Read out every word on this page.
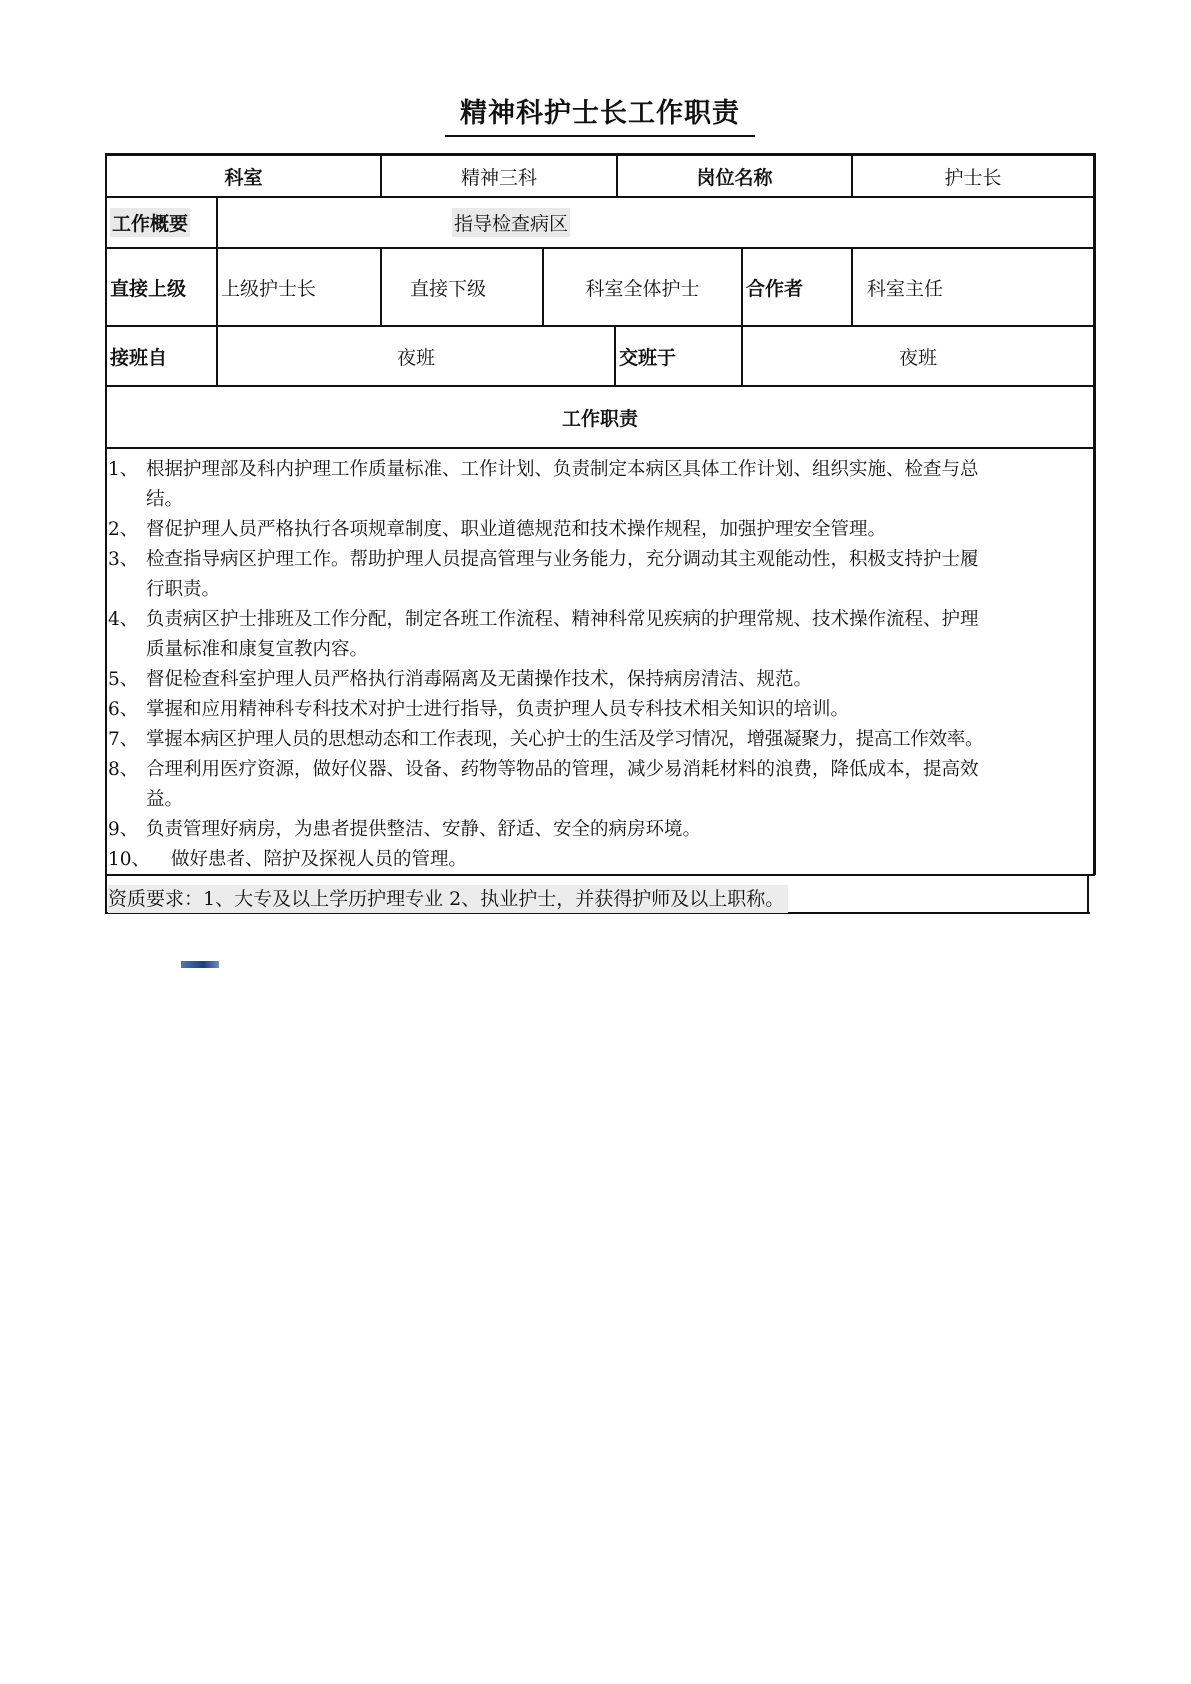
精神科护士长工作职责
科室	精神三科	岗位名称	护士长
工作概要	指导检查病区
直接上级	上级护士长	直接下级	科室全体护士	合作者	科室主任
接班自	夜班	交班于	夜班
工作职责
1、 根据护理部及科内护理工作质量标准、工作计划、负责制定本病区具体工作计划、组织实施、检查与总
结。
2、 督促护理人员严格执行各项规章制度、职业道德规范和技术操作规程，加强护理安全管理。
3、 检查指导病区护理工作。帮助护理人员提高管理与业务能力，充分调动其主观能动性，积极支持护士履
行职责。
4、 负责病区护士排班及工作分配，制定各班工作流程、精神科常见疾病的护理常规、技术操作流程、护理
质量标准和康复宣教内容。
5、 督促检查科室护理人员严格执行消毒隔离及无菌操作技术，保持病房清洁、规范。
6、 掌握和应用精神科专科技术对护士进行指导，负责护理人员专科技术相关知识的培训。
7、 掌握本病区护理人员的思想动态和工作表现，关心护士的生活及学习情况，增强凝聚力，提高工作效率。
8、 合理利用医疗资源，做好仪器、设备、药物等物品的管理，减少易消耗材料的浪费，降低成本，提高效
益。
9、 负责管理好病房，为患者提供整洁、安静、舒适、安全的病房环境。
10、 做好患者、陪护及探视人员的管理。
资质要求：1、大专及以上学历护理专业 2、执业护士，并获得护师及以上职称。
